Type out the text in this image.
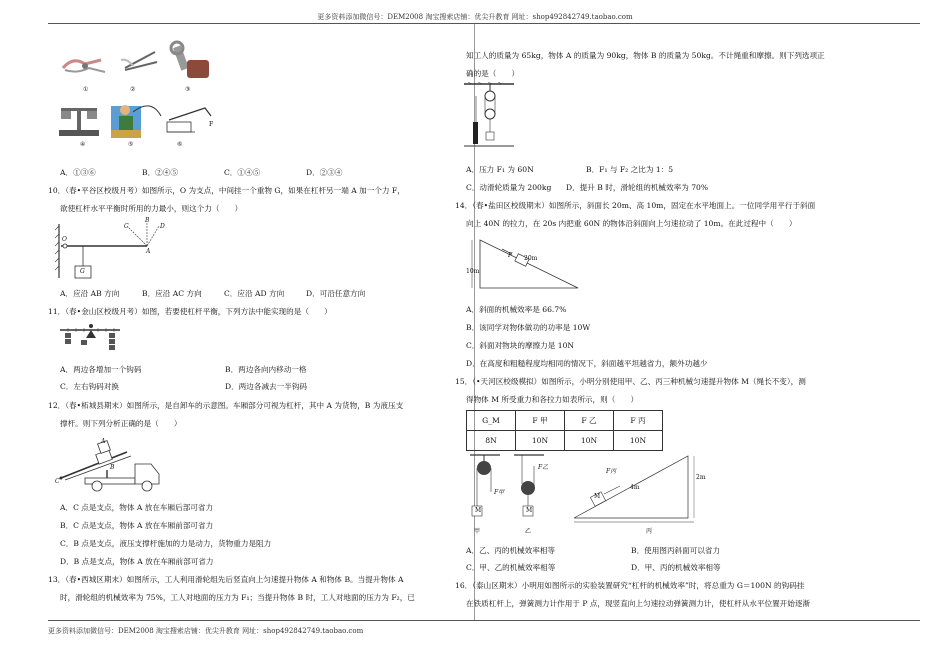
更多资料添加微信号：DEM2008 淘宝搜索店铺：优尖升教育 网址：shop492842749.taobao.com
F
①	②	③
④	⑤	⑥
A．①③⑥	B．②④⑤	C．①④⑤	D．②③④
10．（春•平谷区校级月考）如图所示，O 为支点，中间挂一个重物 G，如果在杠杆另一端 A 加一个力 F，
欲使杠杆水平平衡时所用的力最小，则这个力（　　）
O
C
B
D
A
G
A．应沿 AB 方向	B．应沿 AC 方向	C．应沿 AD 方向	D．可沿任意方向
11．（春•金山区校级月考）如图，若要使杠杆平衡，下列方法中能实现的是（　　）
A．两边各增加一个钩码	B．两边各向内移动一格
C．左右钩码对换	D．两边各减去一半钩码
12．（春•柘城县期末）如图所示，是自卸车的示意图。车厢部分可视为杠杆，其中 A 为货物，B 为液压支
撑杆。则下列分析正确的是（　　）
A
B
C
A．C 点是支点，物体 A 放在车厢后部可省力
B．C 点是支点，物体 A 放在车厢前部可省力
C．B 点是支点，液压支撑杆施加的力是动力，货物重力是阻力
D．B 点是支点，物体 A 放在车厢前部可省力
13．（春•西城区期末）如图所示，工人利用滑轮组先后竖直向上匀速提升物体 A 和物体 B。当提升物体 A
时，滑轮组的机械效率为 75%，工人对地面的压力为 F₁；当提升物体 B 时，工人对地面的压力为 F₂，已
知工人的质量为 65kg，物体 A 的质量为 90kg，物体 B 的质量为 50kg。不计绳重和摩擦。则下列选项正
确的是（　　）
A．压力 F₁ 为 60N	B．F₁ 与 F₂ 之比为 1：5
C．动滑轮质量为 200kg D．提升 B 时，滑轮组的机械效率为 70%
14．（春•盐田区校级期末）如图所示，斜面长 20m、高 10m，固定在水平地面上。一位同学用平行于斜面
向上 40N 的拉力，在 20s 内把重 60N 的物体沿斜面向上匀速拉动了 10m。在此过程中（　　）
F 20m
10m
A．斜面的机械效率是 66.7%
B．该同学对物体做功的功率是 10W
C．斜面对物块的摩擦力是 10N
D．在高度和粗糙程度均相同的情况下，斜面越平坦越省力，额外功越少
15．（•天河区校级模拟）如图所示，小明分别使用甲、乙、丙三种机械匀速提升物体 M（绳长不变），测
得物体 M 所受重力和各拉力如表所示，则（　　）
G_M	F 甲	F 乙	F 丙
8N	10N	10N	10N
F甲
F乙
F丙
M	M
M
4m
2m
甲	乙	丙
A．乙、丙的机械效率相等	B．使用图丙斜面可以省力
C．甲、乙的机械效率相等	D．甲、丙的机械效率相等
16．（泰山区期末）小明用如图所示的实验装置研究“杠杆的机械效率”时，将总重为 G＝100N 的钩码挂
在铁质杠杆上，弹簧测力计作用于 P 点，现竖直向上匀速拉动弹簧测力计，使杠杆从水平位置开始逐渐
更多资料添加微信号：DEM2008 淘宝搜索店铺：优尖升教育 网址：shop492842749.taobao.com
